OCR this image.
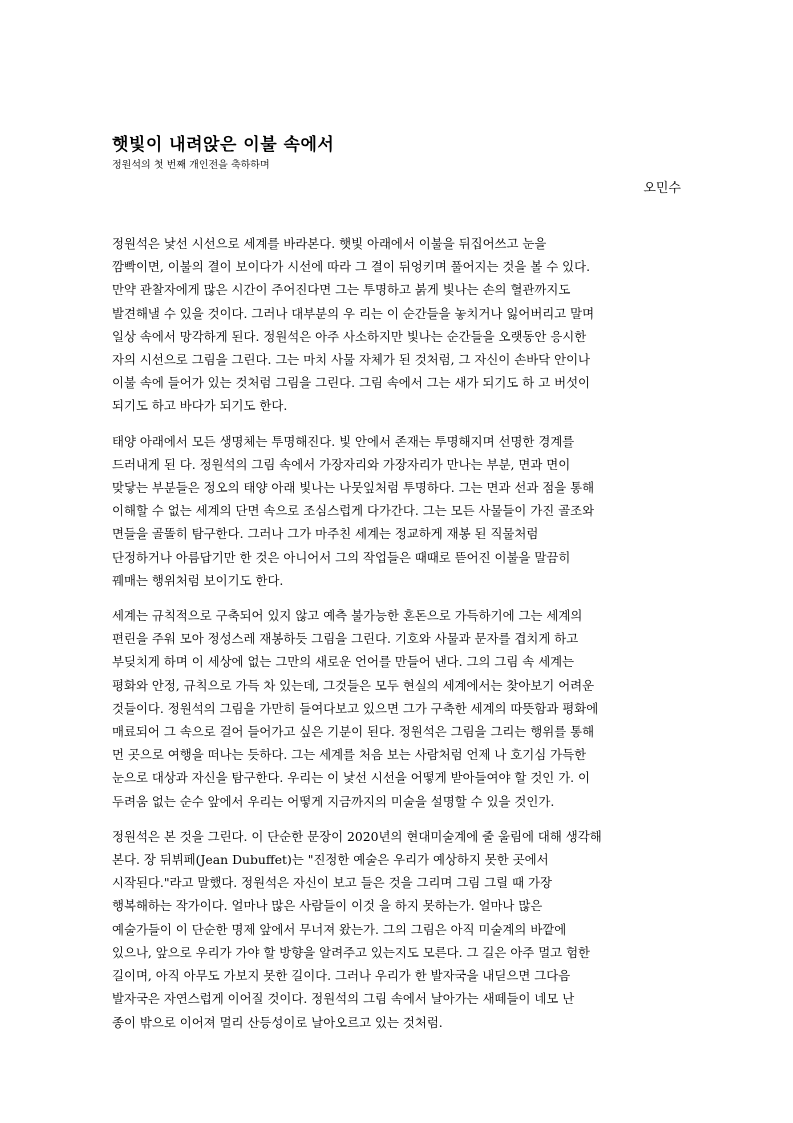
햇빛이 내려앉은 이불 속에서
정원석의 첫 번째 개인전을 축하하며
오민수
정원석은 낯선 시선으로 세계를 바라본다. 햇빛 아래에서 이불을 뒤집어쓰고 눈을
깜빡이면, 이불의 결이 보이다가 시선에 따라 그 결이 뒤엉키며 풀어지는 것을 볼 수 있다.
만약 관찰자에게 많은 시간이 주어진다면 그는 투명하고 붉게 빛나는 손의 혈관까지도
발견해낼 수 있을 것이다. 그러나 대부분의 우 리는 이 순간들을 놓치거나 잃어버리고 말며
일상 속에서 망각하게 된다. 정원석은 아주 사소하지만 빛나는 순간들을 오랫동안 응시한
자의 시선으로 그림을 그린다. 그는 마치 사물 자체가 된 것처럼, 그 자신이 손바닥 안이나
이불 속에 들어가 있는 것처럼 그림을 그린다. 그림 속에서 그는 새가 되기도 하 고 버섯이
되기도 하고 바다가 되기도 한다.
태양 아래에서 모든 생명체는 투명해진다. 빛 안에서 존재는 투명해지며 선명한 경계를
드러내게 된 다. 정원석의 그림 속에서 가장자리와 가장자리가 만나는 부분, 면과 면이
맞닿는 부분들은 정오의 태양 아래 빛나는 나뭇잎처럼 투명하다. 그는 면과 선과 점을 통해
이해할 수 없는 세계의 단면 속으로 조심스럽게 다가간다. 그는 모든 사물들이 가진 골조와
면들을 골똘히 탐구한다. 그러나 그가 마주친 세계는 정교하게 재봉 된 직물처럼
단정하거나 아름답기만 한 것은 아니어서 그의 작업들은 때때로 뜯어진 이불을 말끔히
꿰매는 행위처럼 보이기도 한다.
세계는 규칙적으로 구축되어 있지 않고 예측 불가능한 혼돈으로 가득하기에 그는 세계의
편린을 주워 모아 정성스레 재봉하듯 그림을 그린다. 기호와 사물과 문자를 겹치게 하고
부딪치게 하며 이 세상에 없는 그만의 새로운 언어를 만들어 낸다. 그의 그림 속 세계는
평화와 안정, 규칙으로 가득 차 있는데, 그것들은 모두 현실의 세계에서는 찾아보기 어려운
것들이다. 정원석의 그림을 가만히 들여다보고 있으면 그가 구축한 세계의 따뜻함과 평화에
매료되어 그 속으로 걸어 들어가고 싶은 기분이 된다. 정원석은 그림을 그리는 행위를 통해
먼 곳으로 여행을 떠나는 듯하다. 그는 세계를 처음 보는 사람처럼 언제 나 호기심 가득한
눈으로 대상과 자신을 탐구한다. 우리는 이 낯선 시선을 어떻게 받아들여야 할 것인 가. 이
두려움 없는 순수 앞에서 우리는 어떻게 지금까지의 미술을 설명할 수 있을 것인가.
정원석은 본 것을 그린다. 이 단순한 문장이 2020년의 현대미술계에 줄 울림에 대해 생각해
본다. 장 뒤뷔페(Jean Dubuffet)는 "진정한 예술은 우리가 예상하지 못한 곳에서
시작된다."라고 말했다. 정원석은 자신이 보고 들은 것을 그리며 그림 그릴 때 가장
행복해하는 작가이다. 얼마나 많은 사람들이 이것 을 하지 못하는가. 얼마나 많은
예술가들이 이 단순한 명제 앞에서 무너져 왔는가. 그의 그림은 아직 미술계의 바깥에
있으나, 앞으로 우리가 가야 할 방향을 알려주고 있는지도 모른다. 그 길은 아주 멀고 험한
길이며, 아직 아무도 가보지 못한 길이다. 그러나 우리가 한 발자국을 내딛으면 그다음
발자국은 자연스럽게 이어질 것이다. 정원석의 그림 속에서 날아가는 새떼들이 네모 난
종이 밖으로 이어져 멀리 산등성이로 날아오르고 있는 것처럼.
